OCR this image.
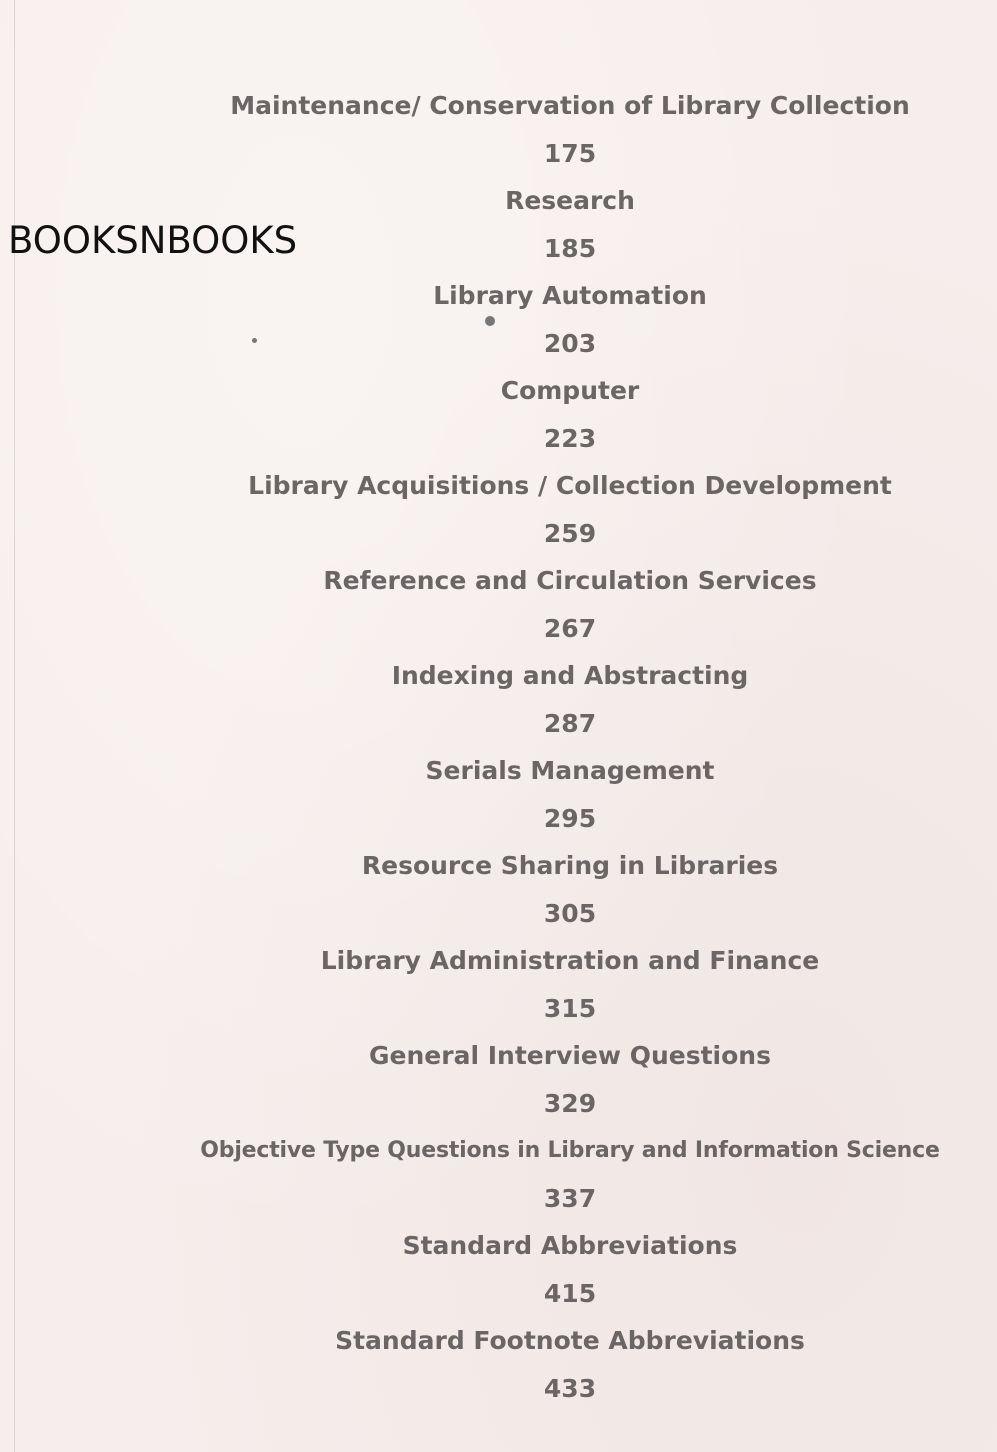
BOOKSNBOOKS
Maintenance/ Conservation of Library Collection
175
Research
185
Library Automation
203
Computer
223
Library Acquisitions / Collection Development
259
Reference and Circulation Services
267
Indexing and Abstracting
287
Serials Management
295
Resource Sharing in Libraries
305
Library Administration and Finance
315
General Interview Questions
329
Objective Type Questions in Library and Information Science
337
Standard Abbreviations
415
Standard Footnote Abbreviations
433
